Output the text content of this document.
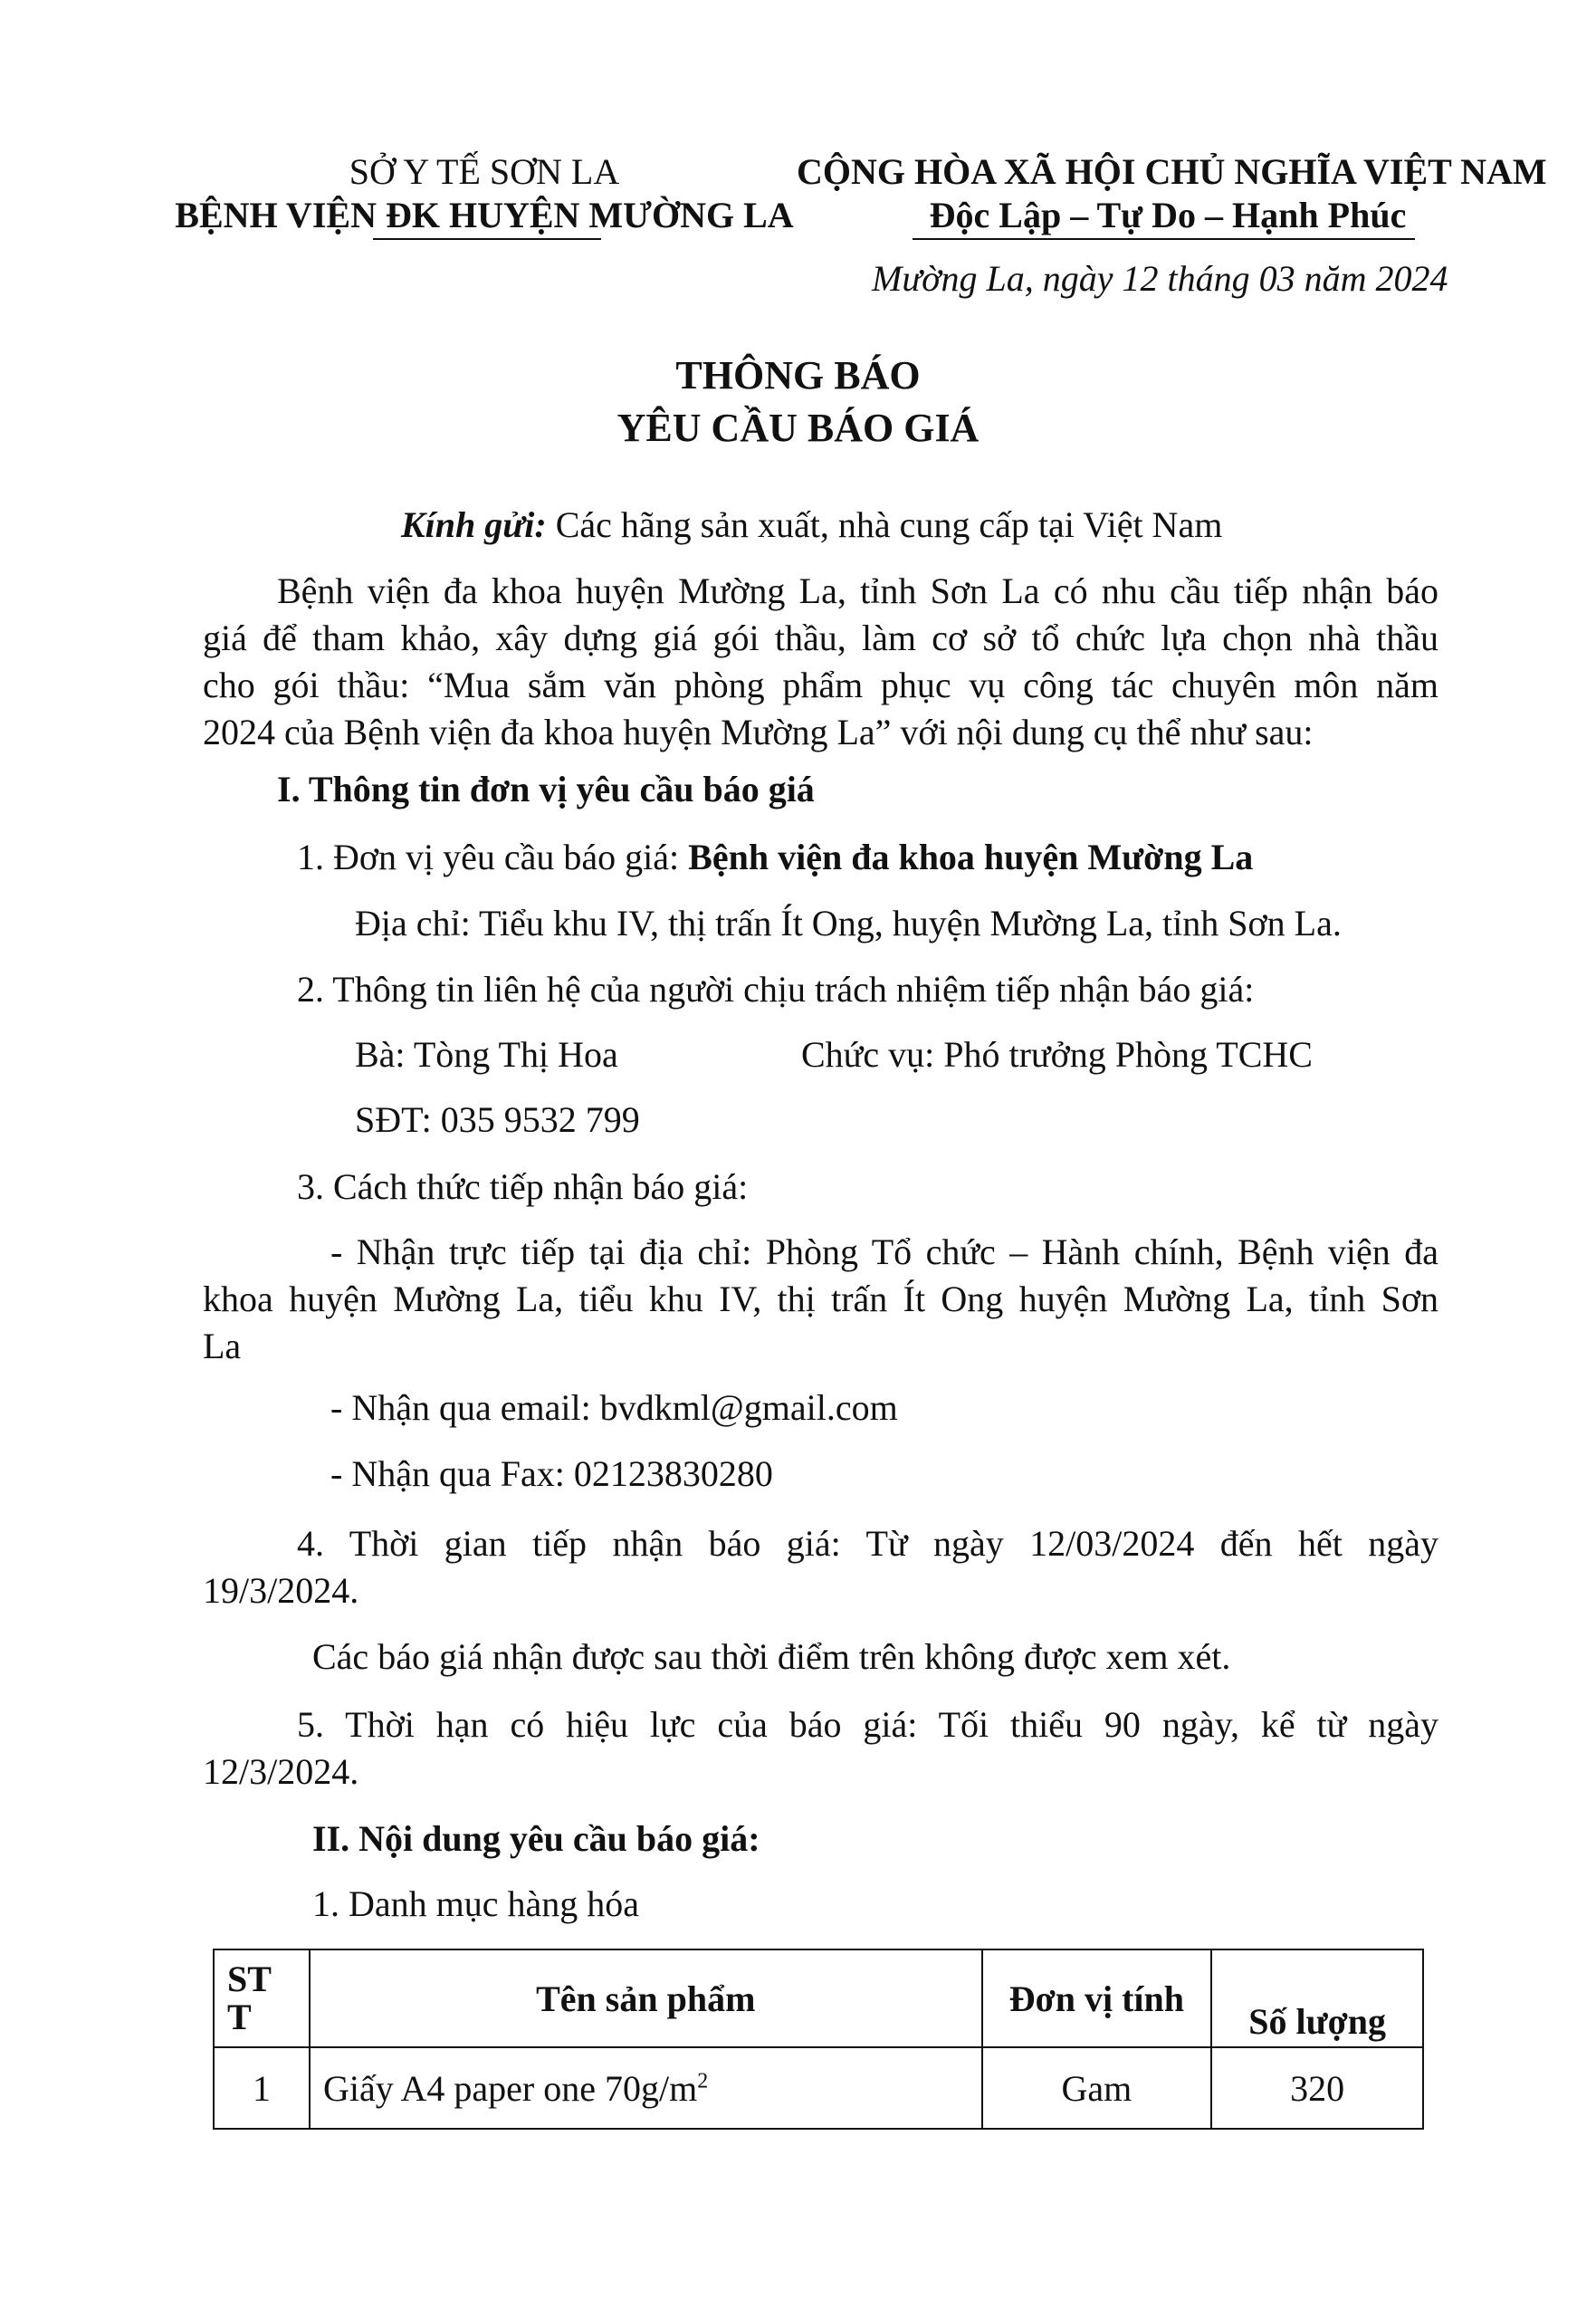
SỞ Y TẾ SƠN LA
BỆNH VIỆN ĐK HUYỆN MƯỜNG LA
CỘNG HÒA XÃ HỘI CHỦ NGHĨA VIỆT NAM
Độc Lập – Tự Do – Hạnh Phúc
Mường La, ngày 12 tháng 03 năm 2024
THÔNG BÁO
YÊU CẦU BÁO GIÁ
Kính gửi: Các hãng sản xuất, nhà cung cấp tại Việt Nam
Bệnh viện đa khoa huyện Mường La, tỉnh Sơn La có nhu cầu tiếp nhận báo
giá để tham khảo, xây dựng giá gói thầu, làm cơ sở tổ chức lựa chọn nhà thầu
cho gói thầu: “Mua sắm văn phòng phẩm phục vụ công tác chuyên môn năm
2024 của Bệnh viện đa khoa huyện Mường La” với nội dung cụ thể như sau:
I. Thông tin đơn vị yêu cầu báo giá
1. Đơn vị yêu cầu báo giá: Bệnh viện đa khoa huyện Mường La
Địa chỉ: Tiểu khu IV, thị trấn Ít Ong, huyện Mường La, tỉnh Sơn La.
2. Thông tin liên hệ của người chịu trách nhiệm tiếp nhận báo giá:
Bà: Tòng Thị Hoa	Chức vụ: Phó trưởng Phòng TCHC
SĐT: 035 9532 799
3. Cách thức tiếp nhận báo giá:
- Nhận trực tiếp tại địa chỉ: Phòng Tổ chức – Hành chính, Bệnh viện đa
khoa huyện Mường La, tiểu khu IV, thị trấn Ít Ong huyện Mường La, tỉnh Sơn
La
- Nhận qua email: bvdkml@gmail.com
- Nhận qua Fax: 02123830280
4. Thời gian tiếp nhận báo giá: Từ ngày 12/03/2024 đến hết ngày
19/3/2024.
Các báo giá nhận được sau thời điểm trên không được xem xét.
5. Thời hạn có hiệu lực của báo giá: Tối thiểu 90 ngày, kể từ ngày
12/3/2024.
II. Nội dung yêu cầu báo giá:
1. Danh mục hàng hóa
ST
T	Tên sản phẩm	Đơn vị tính	Số lượng
1	Giấy A4 paper one $70g/m^2$	Gam	320
